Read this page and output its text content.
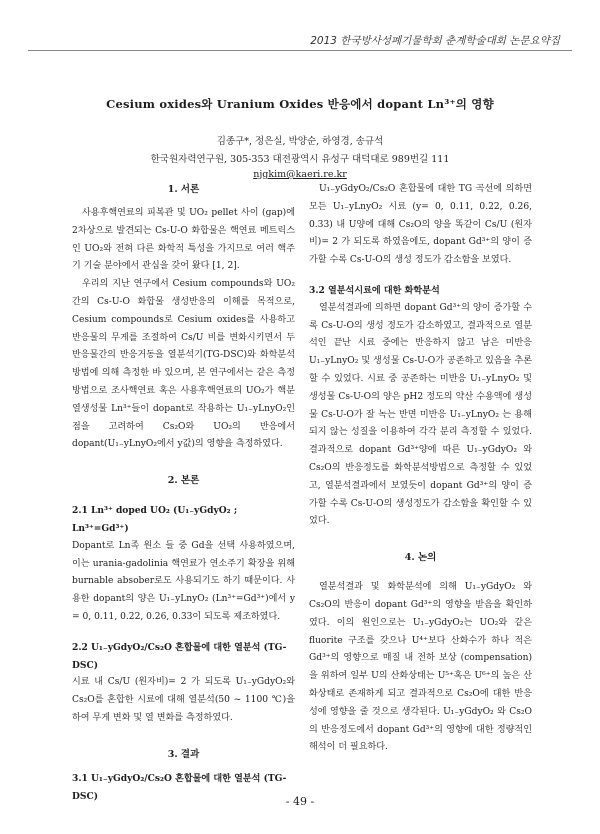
2013 한국방사성폐기물학회 춘계학술대회 논문요약집
Cesium oxides와 Uranium Oxides 반응에서 dopant Ln³⁺의 영향
김종구*, 정은실, 박양순, 하영경, 송규석
한국원자력연구원, 305-353 대전광역시 유성구 대덕대로 989번길 111
njgkim@kaeri.re.kr
1. 서론

사용후핵연료의 피복관 및 UO₂ pellet 사이 (gap)에 2차상으로 발견되는 Cs-U-O 화합물은 핵연료 메트릭스인 UO₂와 전혀 다른 화학적 특성을 가지므로 여러 핵주기 기술 분야에서 관심을 갖어 왔다 [1, 2].

우리의 지난 연구에서 Cesium compounds와 UO₂ 간의 Cs-U-O 화합물 생성반응의 이해를 목적으로, Cesium compounds로 Cesium oxides를 사용하고 반응물의 무게를 조절하여 Cs/U 비를 변화시키면서 두 반응물간의 반응거동을 열분석기(TG-DSC)와 화학분석방법에 의해 측정한 바 있으며, 본 연구에서는 같은 측정방법으로 조사핵연료 혹은 사용후핵연료의 UO₂가 핵분열생성물 Ln³⁺들이 dopant로 작용하는 U₁₋yLnyO₂인 점을 고려하여 Cs₂O와 UO₂의 반응에서 dopant(U₁₋yLnyO₂에서 y값)의 영향을 측정하였다.

2. 본론
2.1 Ln³⁺ doped UO₂ (U₁₋yGdyO₂ ; Ln³⁺=Gd³⁺)

Dopant로 Ln족 원소 들 중 Gd을 선택 사용하였으며, 이는 urania-gadolinia 핵연료가 연소주기 확장을 위해 burnable absober로도 사용되기도 하기 때문이다. 사용한 dopant의 양은 U₁₋yLnyO₂ (Ln³⁺=Gd³⁺)에서 y = 0, 0.11, 0.22, 0.26, 0.33이 되도록 제조하였다.

2.2 U₁₋yGdyO₂/Cs₂O 혼합물에 대한 열분석 (TG-DSC)

시료 내 Cs/U (원자비)= 2 가 되도록 U₁₋yGdyO₂와 Cs₂O를 혼합한 시료에 대해 열분석(50 ~ 1100 ℃)을 하여 무게 변화 및 열 변화를 측정하였다.

3. 결과
3.1 U₁₋yGdyO₂/Cs₂O 혼합물에 대한 열분석 (TG-DSC)

U₁₋yGdyO₂/Cs₂O 혼합물에 대한 TG 곡선에 의하면 모든 U₁₋yLnyO₂ 시료 (y= 0, 0.11, 0.22, 0.26, 0.33) 내 U양에 대해 Cs₂O의 양을 똑같이 Cs/U (원자비)= 2 가 되도록 하였음에도, dopant Gd³⁺의 양이 증가할 수록 Cs-U-O의 생성 정도가 감소함을 보였다.

3.2 열분석시료에 대한 화학분석

열분석결과에 의하면 dopant Gd³⁺의 양이 증가할 수록 Cs-U-O의 생성 정도가 감소하였고, 결과적으로 열분석인 끝난 시료 중에는 반응하지 않고 남은 미반응 U₁₋yLnyO₂ 및 생성물 Cs-U-O가 공존하고 있음을 추론할 수 있었다. 시료 중 공존하는 미반응 U₁₋yLnyO₂ 및 생성물 Cs-U-O의 양은 pH2 정도의 약산 수용액에 생성물 Cs-U-O가 잘 녹는 반면 미반응 U₁₋yLnyO₂ 는 용해되지 않는 성질을 이용하여 각각 분리 측정할 수 있었다. 결과적으로 dopant Gd³⁺양에 따른 U₁₋yGdyO₂ 와 Cs₂O의 반응정도를 화학분석방법으로 측정할 수 있었고, 열분석결과에서 보였듯이 dopant Gd³⁺의 양이 증가할 수록 Cs-U-O의 생성정도가 감소함을 확인할 수 있었다.

4. 논의

열분석결과 및 화학분석에 의해 U₁₋yGdyO₂ 와 Cs₂O의 반응이 dopant Gd³⁺의 영향을 받음을 확인하였다. 이의 원인으로는 U₁₋yGdyO₂는 UO₂와 같은 fluorite 구조를 갖으나 U⁴⁺보다 산화수가 하나 적은 Gd³⁺의 영향으로 매질 내 전하 보상 (compensation)을 위하여 일부 U의 산화상태는 U⁵⁺혹은 U⁶⁺의 높은 산화상태로 존재하게 되고 결과적으로 Cs₂O에 대한 반응성에 영향을 줄 것으로 생각된다. U₁₋yGdyO₂ 와 Cs₂O의 반응정도에서 dopant Gd³⁺의 영향에 대한 정량적인 해석이 더 필요하다.

- 49 -
